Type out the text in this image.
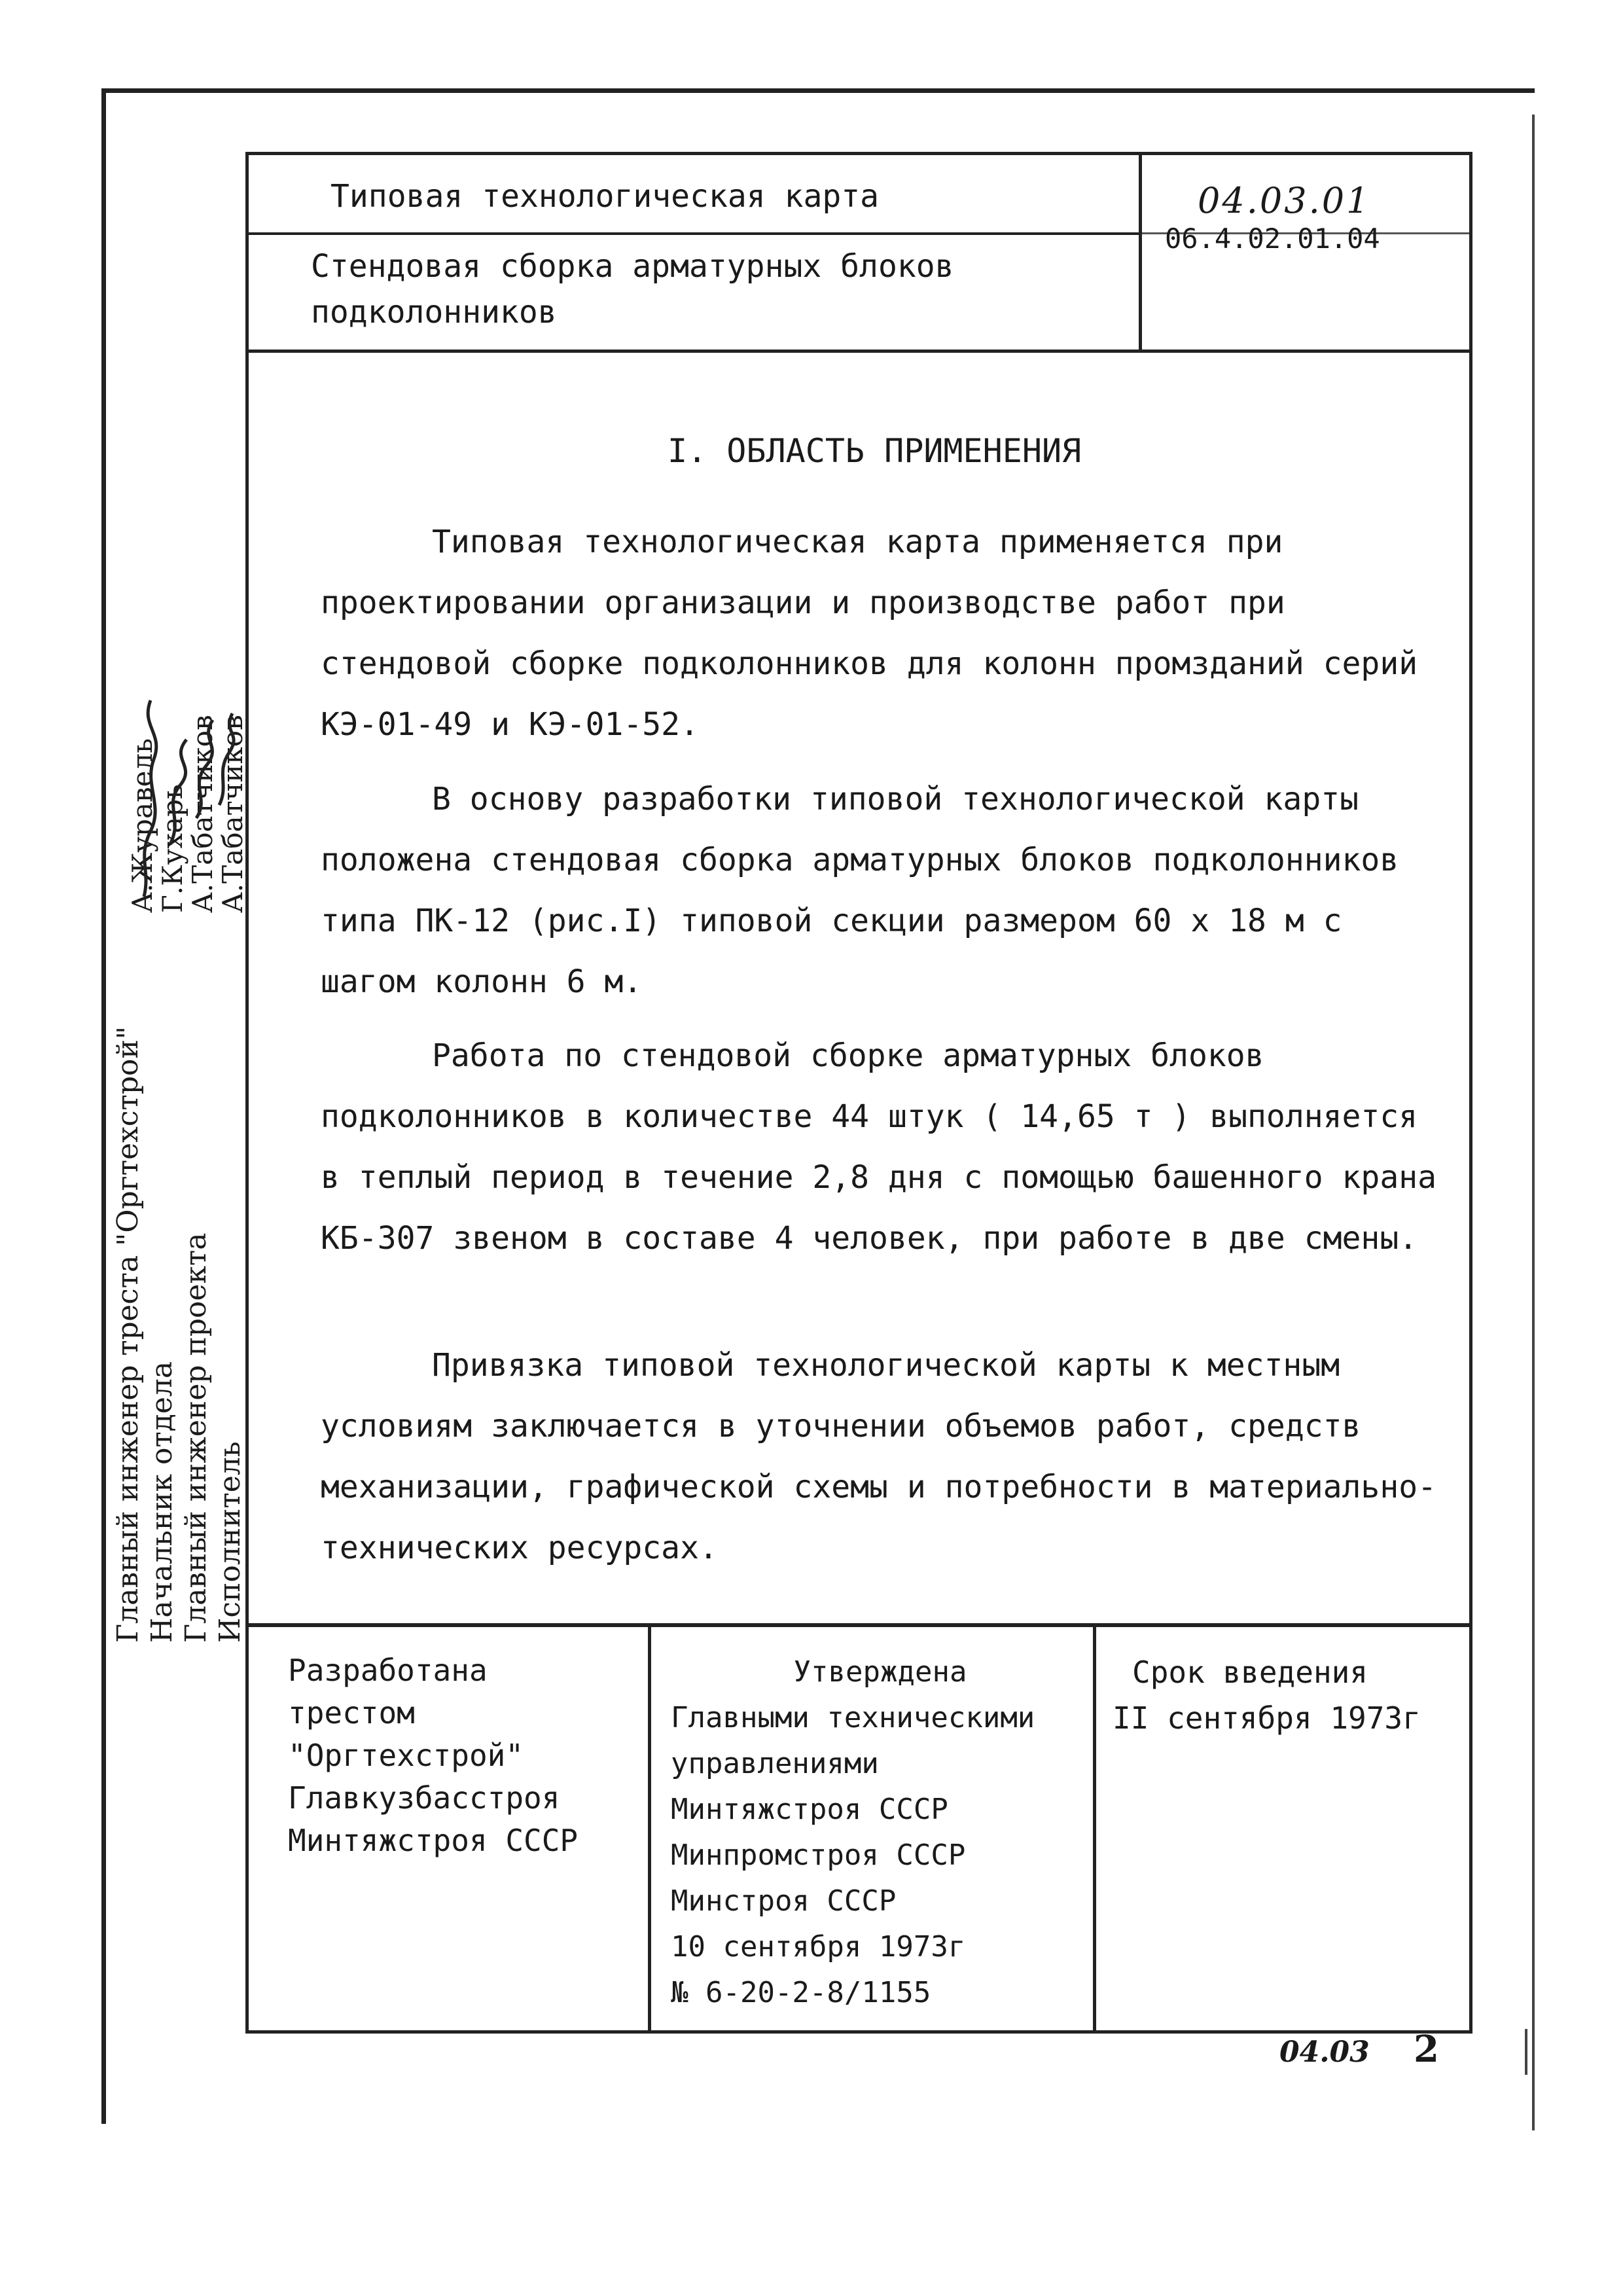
Типовая технологическая карта
Стендовая сборка арматурных блоков
подколонников
04.03.01
06.4.02.01.04
I. ОБЛАСТЬ ПРИМЕНЕНИЯ

Типовая технологическая карта применяется при проектировании организации и производстве работ при стендовой сборке подколонников для колонн промзданий серий КЭ-01-49 и КЭ-01-52.

В основу разработки типовой технологической карты положена стендовая сборка арматурных блоков подколонников типа ПК-12 (рис.I) типовой секции размером 60 х 18 м с шагом колонн 6 м.

Работа по стендовой сборке арматурных блоков подколонников в количестве 44 штук ( 14,65 т ) выполняется в теплый период в течение 2,8 дня с помощью башенного крана КБ-307 звеном в составе 4 человек, при работе в две смены.

Привязка типовой технологической карты к местным условиям заключается в уточнении объемов работ, средств механизации, графической схемы и потребности в материально-технических ресурсах.

Разработана
трестом
"Оргтехстрой"
Главкузбасстроя
Минтяжстроя СССР
Утверждена
Главными техническими
управлениями
Минтяжстроя СССР
Минпромстроя СССР
Минстроя СССР
10 сентября 1973г
№ 6-20-2-8/1155
Срок введения
II сентября 1973г
Главный инженер треста "Оргтехстрой" Начальник отдела Главный инженер проекта Исполнитель
А.Журавель
Г.Кухарь
А.Табатчиков
А.Табатчиков
04.03 2
